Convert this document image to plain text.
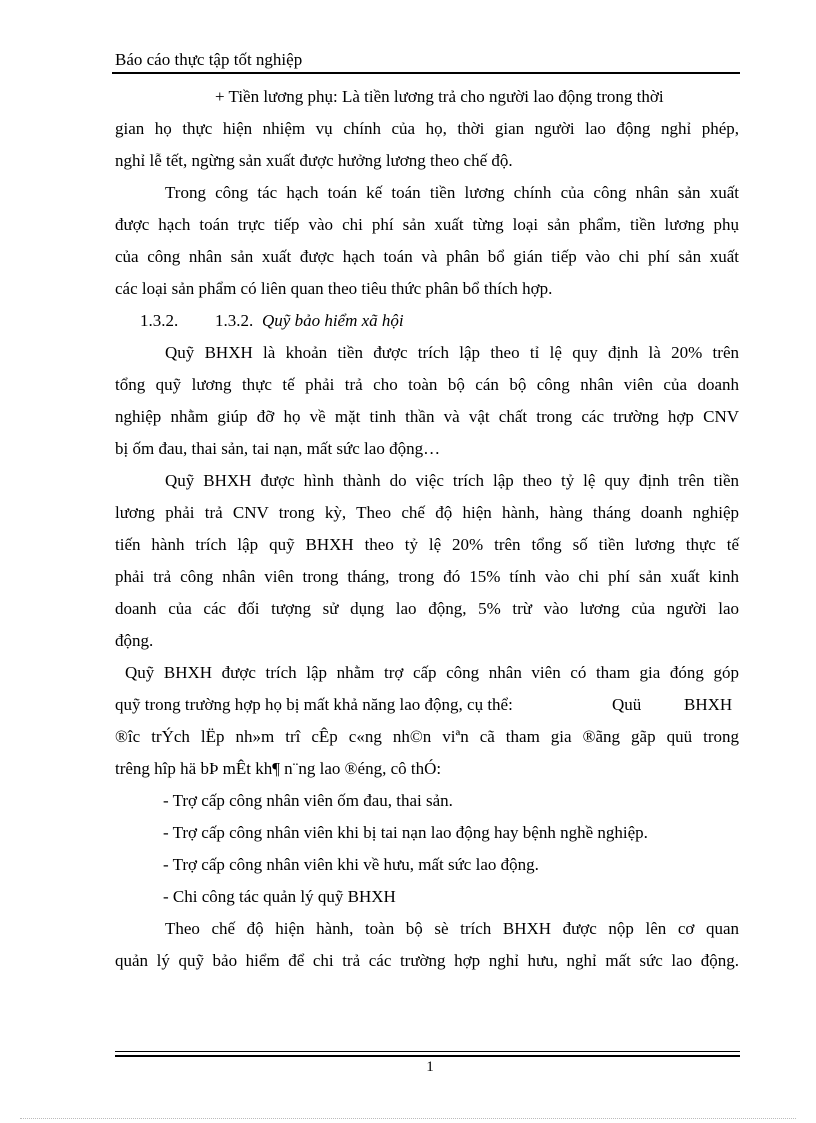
Báo cáo thực tập tốt nghiệp
+ Tiền lương phụ: Là tiền lương trả cho người lao động trong thời
gian họ thực hiện nhiệm vụ chính của họ, thời gian người lao động nghỉ phép,
nghỉ lễ tết, ngừng sản xuất được hưởng lương theo chế độ.
Trong công tác hạch toán kế toán tiền lương chính của công nhân sản xuất
được hạch toán trực tiếp vào chi phí sản xuất từng loại sản phẩm, tiền lương phụ
của công nhân sản xuất được hạch toán và phân bổ gián tiếp vào chi phí sản xuất
các loại sản phẩm có liên quan theo tiêu thức phân bổ thích hợp.
1.3.2. 1.3.2. Quỹ bảo hiểm xã hội
Quỹ BHXH là khoản tiền được trích lập theo tỉ lệ quy định là 20% trên
tổng quỹ lương thực tế phải trả cho toàn bộ cán bộ công nhân viên của doanh
nghiệp nhằm giúp đỡ họ về mặt tinh thần và vật chất trong các trường hợp CNV
bị ốm đau, thai sản, tai nạn, mất sức lao động…
Quỹ BHXH được hình thành do việc trích lập theo tỷ lệ quy định trên tiền
lương phải trả CNV trong kỳ, Theo chế độ hiện hành, hàng tháng doanh nghiệp
tiến hành trích lập quỹ BHXH theo tỷ lệ 20% trên tổng số tiền lương thực tế
phải trả công nhân viên trong tháng, trong đó 15% tính vào chi phí sản xuất kinh
doanh của các đối tượng sử dụng lao động, 5% trừ vào lương của người lao
động.
Quỹ BHXH được trích lập nhằm trợ cấp công nhân viên có tham gia đóng góp
quỹ trong trường hợp họ bị mất khả năng lao động, cụ thể:	Quü	BHXH
®îc trÝch lËp nh»m trî cÊp c«ng nh©n viªn cã tham gia ®ãng gãp quü trong
trêng hîp hä bÞ mÊt kh¶ n¨ng lao ®éng, cô thÓ:
- Trợ cấp công nhân viên ốm đau, thai sản.
- Trợ cấp công nhân viên khi bị tai nạn lao động hay bệnh nghề nghiệp.
- Trợ cấp công nhân viên khi về hưu, mất sức lao động.
- Chi công tác quản lý quỹ BHXH
Theo chế độ hiện hành, toàn bộ sè trích BHXH được nộp lên cơ quan
quản lý quỹ bảo hiểm để chi trả các trường hợp nghỉ hưu, nghỉ mất sức lao động.
1
